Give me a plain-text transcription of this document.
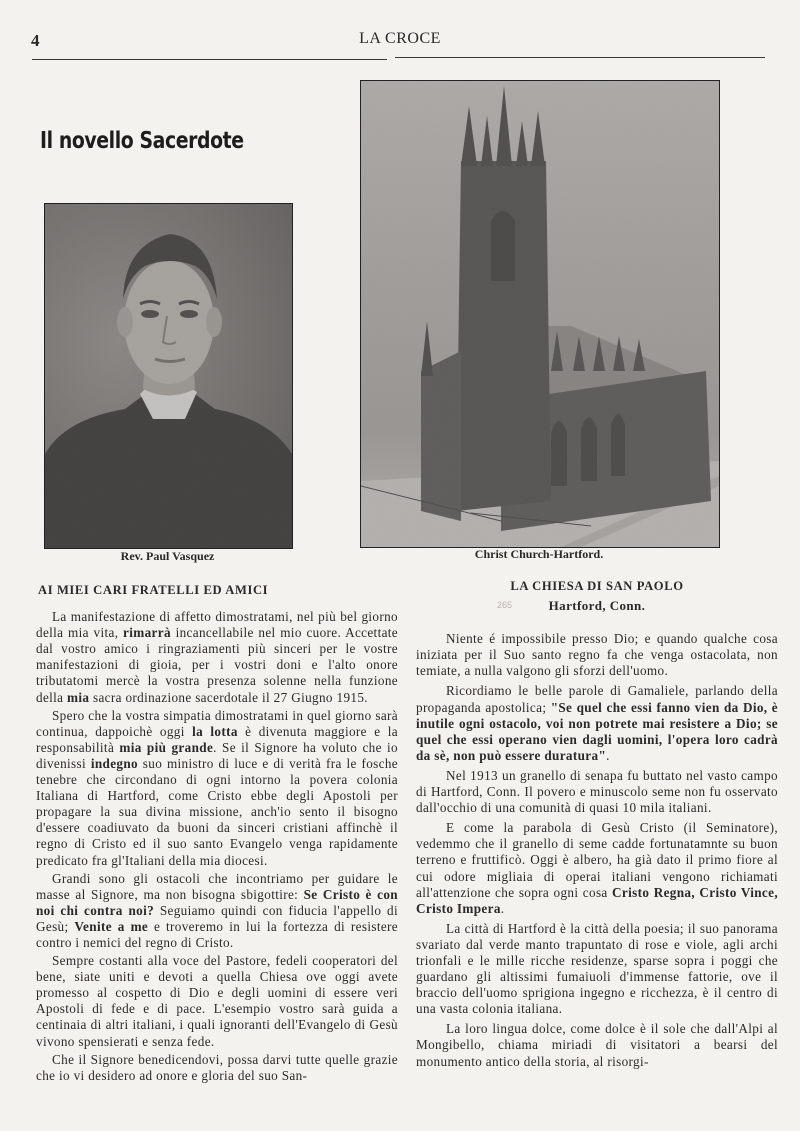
4	LA CROCE
Il novello Sacerdote
Rev. Paul Vasquez	Christ Church-Hartford.
AI MIEI CARI FRATELLI ED AMICI

La manifestazione di affetto dimostratami, nel più bel giorno della mia vita, rimarrà incancellabile nel mio cuore. Accettate dal vostro amico i ringraziamenti più sinceri per le vostre manifestazioni di gioia, per i vostri doni e l'alto onore tributatomi mercè la vostra presenza solenne nella funzione della mia sacra ordinazione sacerdotale il 27 Giugno 1915.

Spero che la vostra simpatia dimostratami in quel giorno sarà continua, dappoichè oggi la lotta è divenuta maggiore e la responsabilità mia più grande. Se il Signore ha voluto che io divenissi indegno suo ministro di luce e di verità fra le fosche tenebre che circondano di ogni intorno la povera colonia Italiana di Hartford, come Cristo ebbe degli Apostoli per propagare la sua divina missione, anch'io sento il bisogno d'essere coadiuvato da buoni da sinceri cristiani affinchè il regno di Cristo ed il suo santo Evangelo venga rapidamente predicato fra gl'Italiani della mia diocesi.

Grandi sono gli ostacoli che incontriamo per guidare le masse al Signore, ma non bisogna sbigottire: Se Cristo è con noi chi contra noi? Seguiamo quindi con fiducia l'appello di Gesù; Venite a me e troveremo in lui la fortezza di resistere contro i nemici del regno di Cristo.

Sempre costanti alla voce del Pastore, fedeli cooperatori del bene, siate uniti e devoti a quella Chiesa ove oggi avete promesso al cospetto di Dio e degli uomini di essere veri Apostoli di fede e di pace. L'esempio vostro sarà guida a centinaia di altri italiani, i quali ignoranti dell'Evangelo di Gesù vivono spensierati e senza fede.

Che il Signore benedicendovi, possa darvi tutte quelle grazie che io vi desidero ad onore e gloria del suo San-

LA CHIESA DI SAN PAOLO
Hartford, Conn.

Niente é impossibile presso Dio; e quando qualche cosa iniziata per il Suo santo regno fa che venga ostacolata, non temiate, a nulla valgono gli sforzi dell'uomo.

Ricordiamo le belle parole di Gamaliele, parlando della propaganda apostolica; "Se quel che essi fanno vien da Dio, è inutile ogni ostacolo, voi non potrete mai resistere a Dio; se quel che essi operano vien dagli uomini, l'opera loro cadrà da sè, non può essere duratura".

Nel 1913 un granello di senapa fu buttato nel vasto campo di Hartford, Conn. Il povero e minuscolo seme non fu osservato dall'occhio di una comunità di quasi 10 mila italiani.

E come la parabola di Gesù Cristo (il Seminatore), vedemmo che il granello di seme cadde fortunatamnte su buon terreno e fruttificò. Oggi è albero, ha già dato il primo fiore al cui odore migliaia di operai italiani vengono richiamati all'attenzione che sopra ogni cosa Cristo Regna, Cristo Vince, Cristo Impera.

La città di Hartford è la città della poesia; il suo panorama svariato dal verde manto trapuntato di rose e viole, agli archi trionfali e le mille ricche residenze, sparse sopra i poggi che guardano gli altissimi fumaiuoli d'immense fattorie, ove il braccio dell'uomo sprigiona ingegno e ricchezza, è il centro di una vasta colonia italiana.

La loro lingua dolce, come dolce è il sole che dall'Alpi al Mongibello, chiama miriadi di visitatori a bearsi del monumento antico della storia, al risorgi-

265
